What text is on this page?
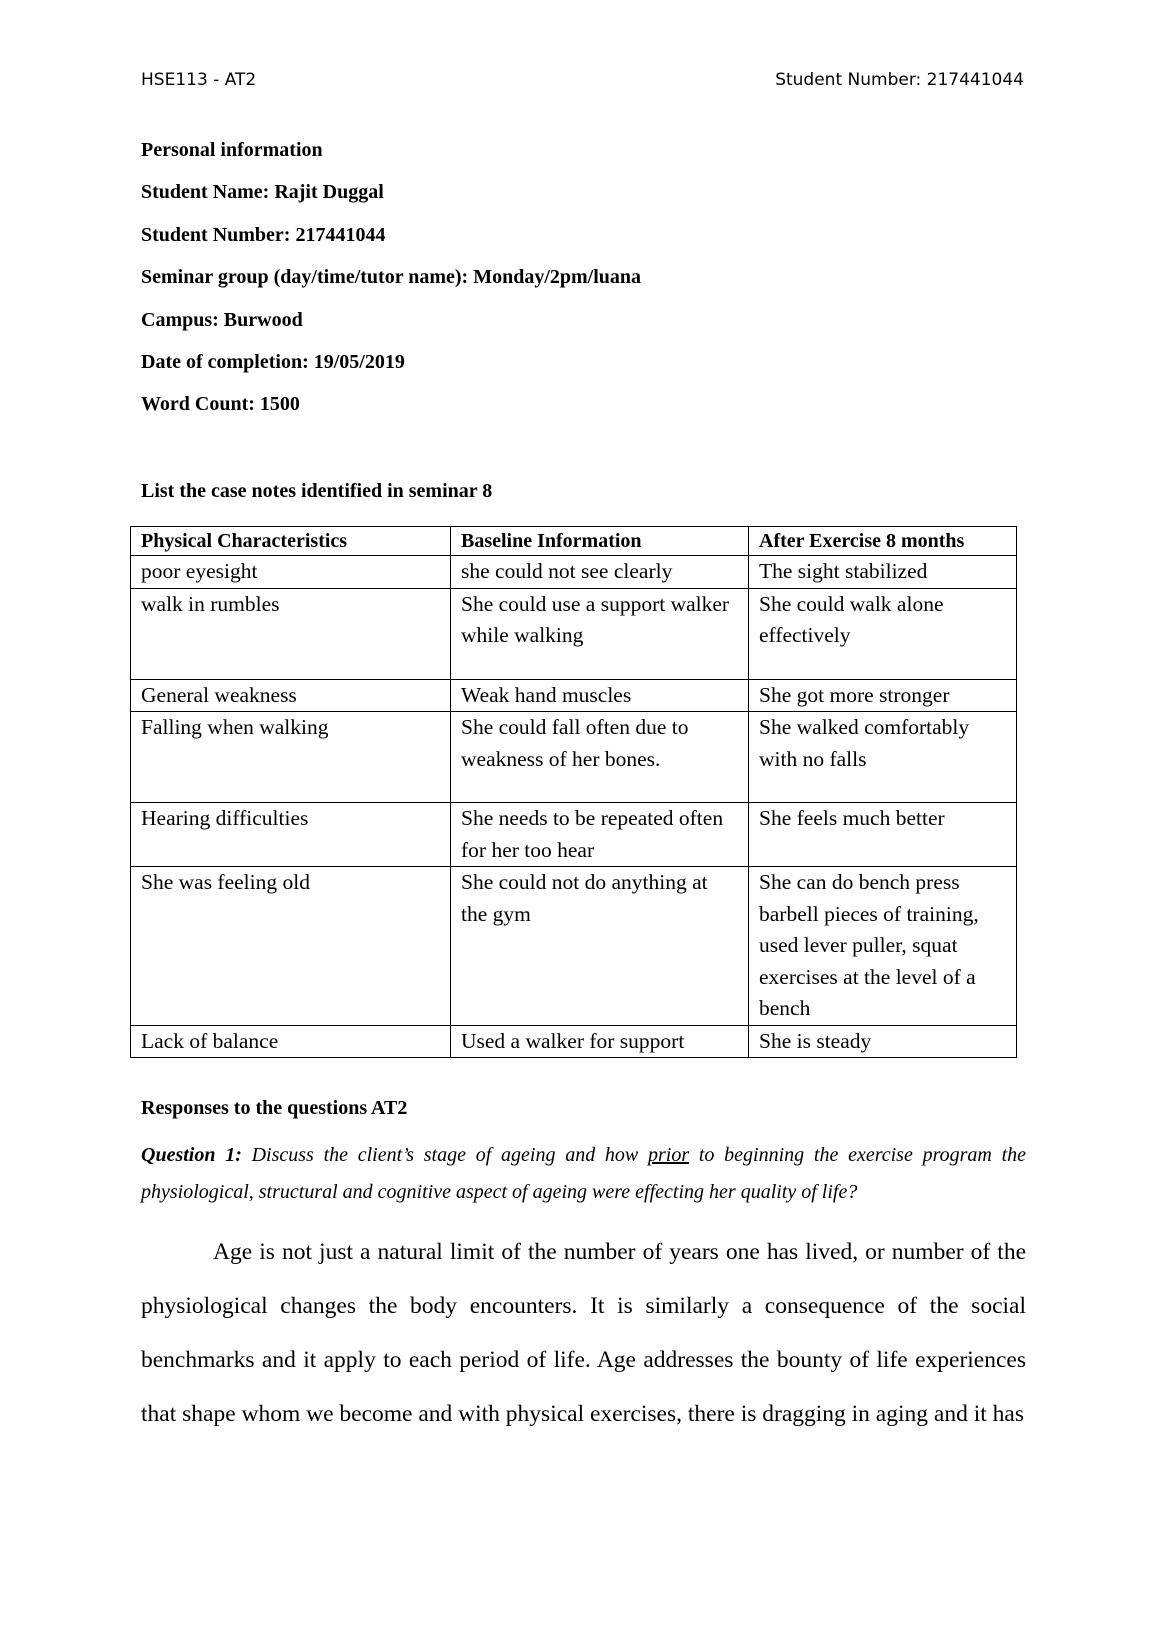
HSE113 - AT2	Student Number: 217441044

Personal information

Student Name: Rajit Duggal

Student Number: 217441044

Seminar group (day/time/tutor name): Monday/2pm/luana

Campus: Burwood

Date of completion: 19/05/2019

Word Count: 1500

List the case notes identified in seminar 8

Physical Characteristics	Baseline Information	After Exercise 8 months
poor eyesight	she could not see clearly	The sight stabilized
walk in rumbles	She could use a support walker while walking	She could walk alone effectively
General weakness	Weak hand muscles	She got more stronger
Falling when walking	She could fall often due to weakness of her bones.	She walked comfortably with no falls
Hearing difficulties	She needs to be repeated often for her too hear	She feels much better
She was feeling old	She could not do anything at the gym	She can do bench press barbell pieces of training, used lever puller, squat exercises at the level of a bench
Lack of balance	Used a walker for support	She is steady

Responses to the questions AT2

Question 1: Discuss the client’s stage of ageing and how prior to beginning the exercise program the physiological, structural and cognitive aspect of ageing were effecting her quality of life?

Age is not just a natural limit of the number of years one has lived, or number of the physiological changes the body encounters. It is similarly a consequence of the social benchmarks and it apply to each period of life. Age addresses the bounty of life experiences that shape whom we become and with physical exercises, there is dragging in aging and it has
